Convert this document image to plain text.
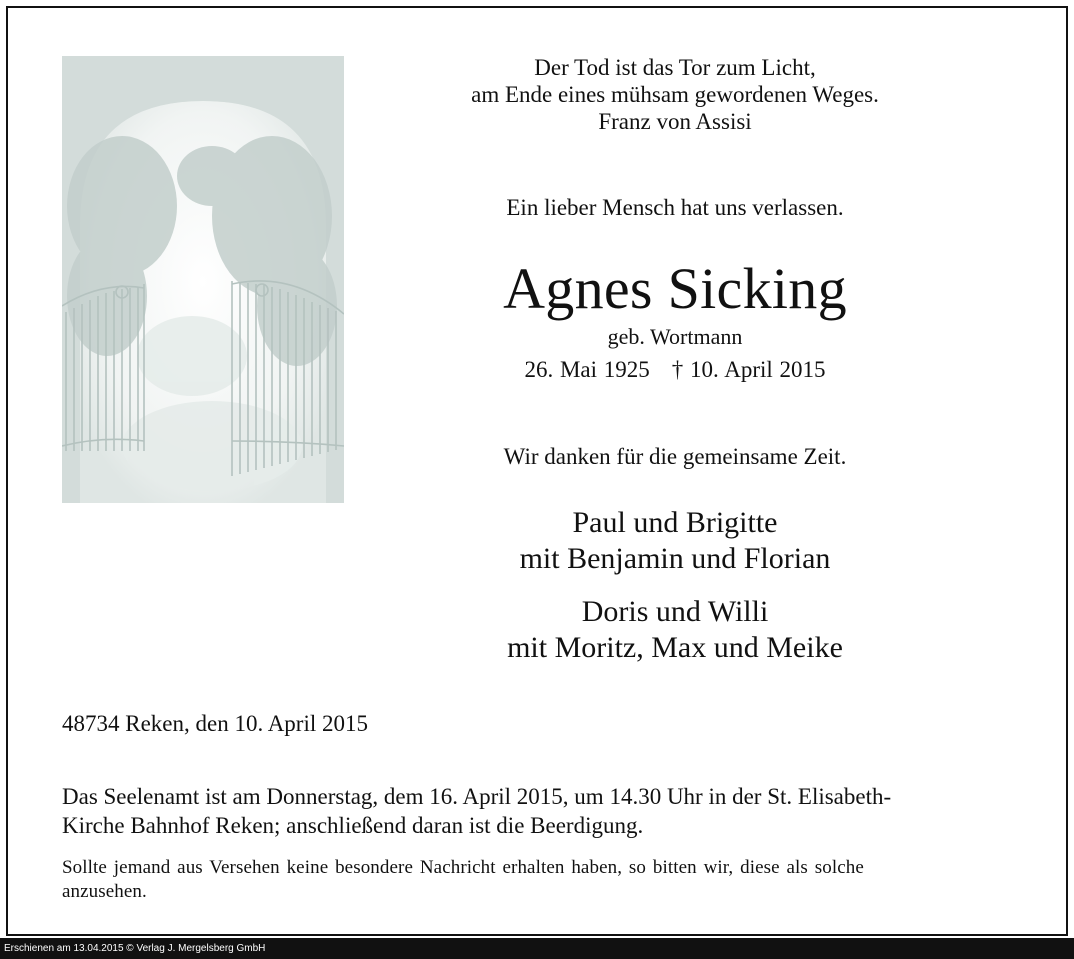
Der Tod ist das Tor zum Licht,
am Ende eines mühsam gewordenen Weges.
Franz von Assisi
Ein lieber Mensch hat uns verlassen.
Agnes Sicking
geb. Wortmann
26. Mai 1925 † 10. April 2015
Wir danken für die gemeinsame Zeit.
Paul und Brigitte
mit Benjamin und Florian
Doris und Willi
mit Moritz, Max und Meike
48734 Reken, den 10. April 2015
Das Seelenamt ist am Donnerstag, dem 16. April 2015, um 14.30 Uhr in der St. Elisabeth-
Kirche Bahnhof Reken; anschließend daran ist die Beerdigung.
Sollte jemand aus Versehen keine besondere Nachricht erhalten haben, so bitten wir, diese als solche
anzusehen.
Erschienen am 13.04.2015 © Verlag J. Mergelsberg GmbH
